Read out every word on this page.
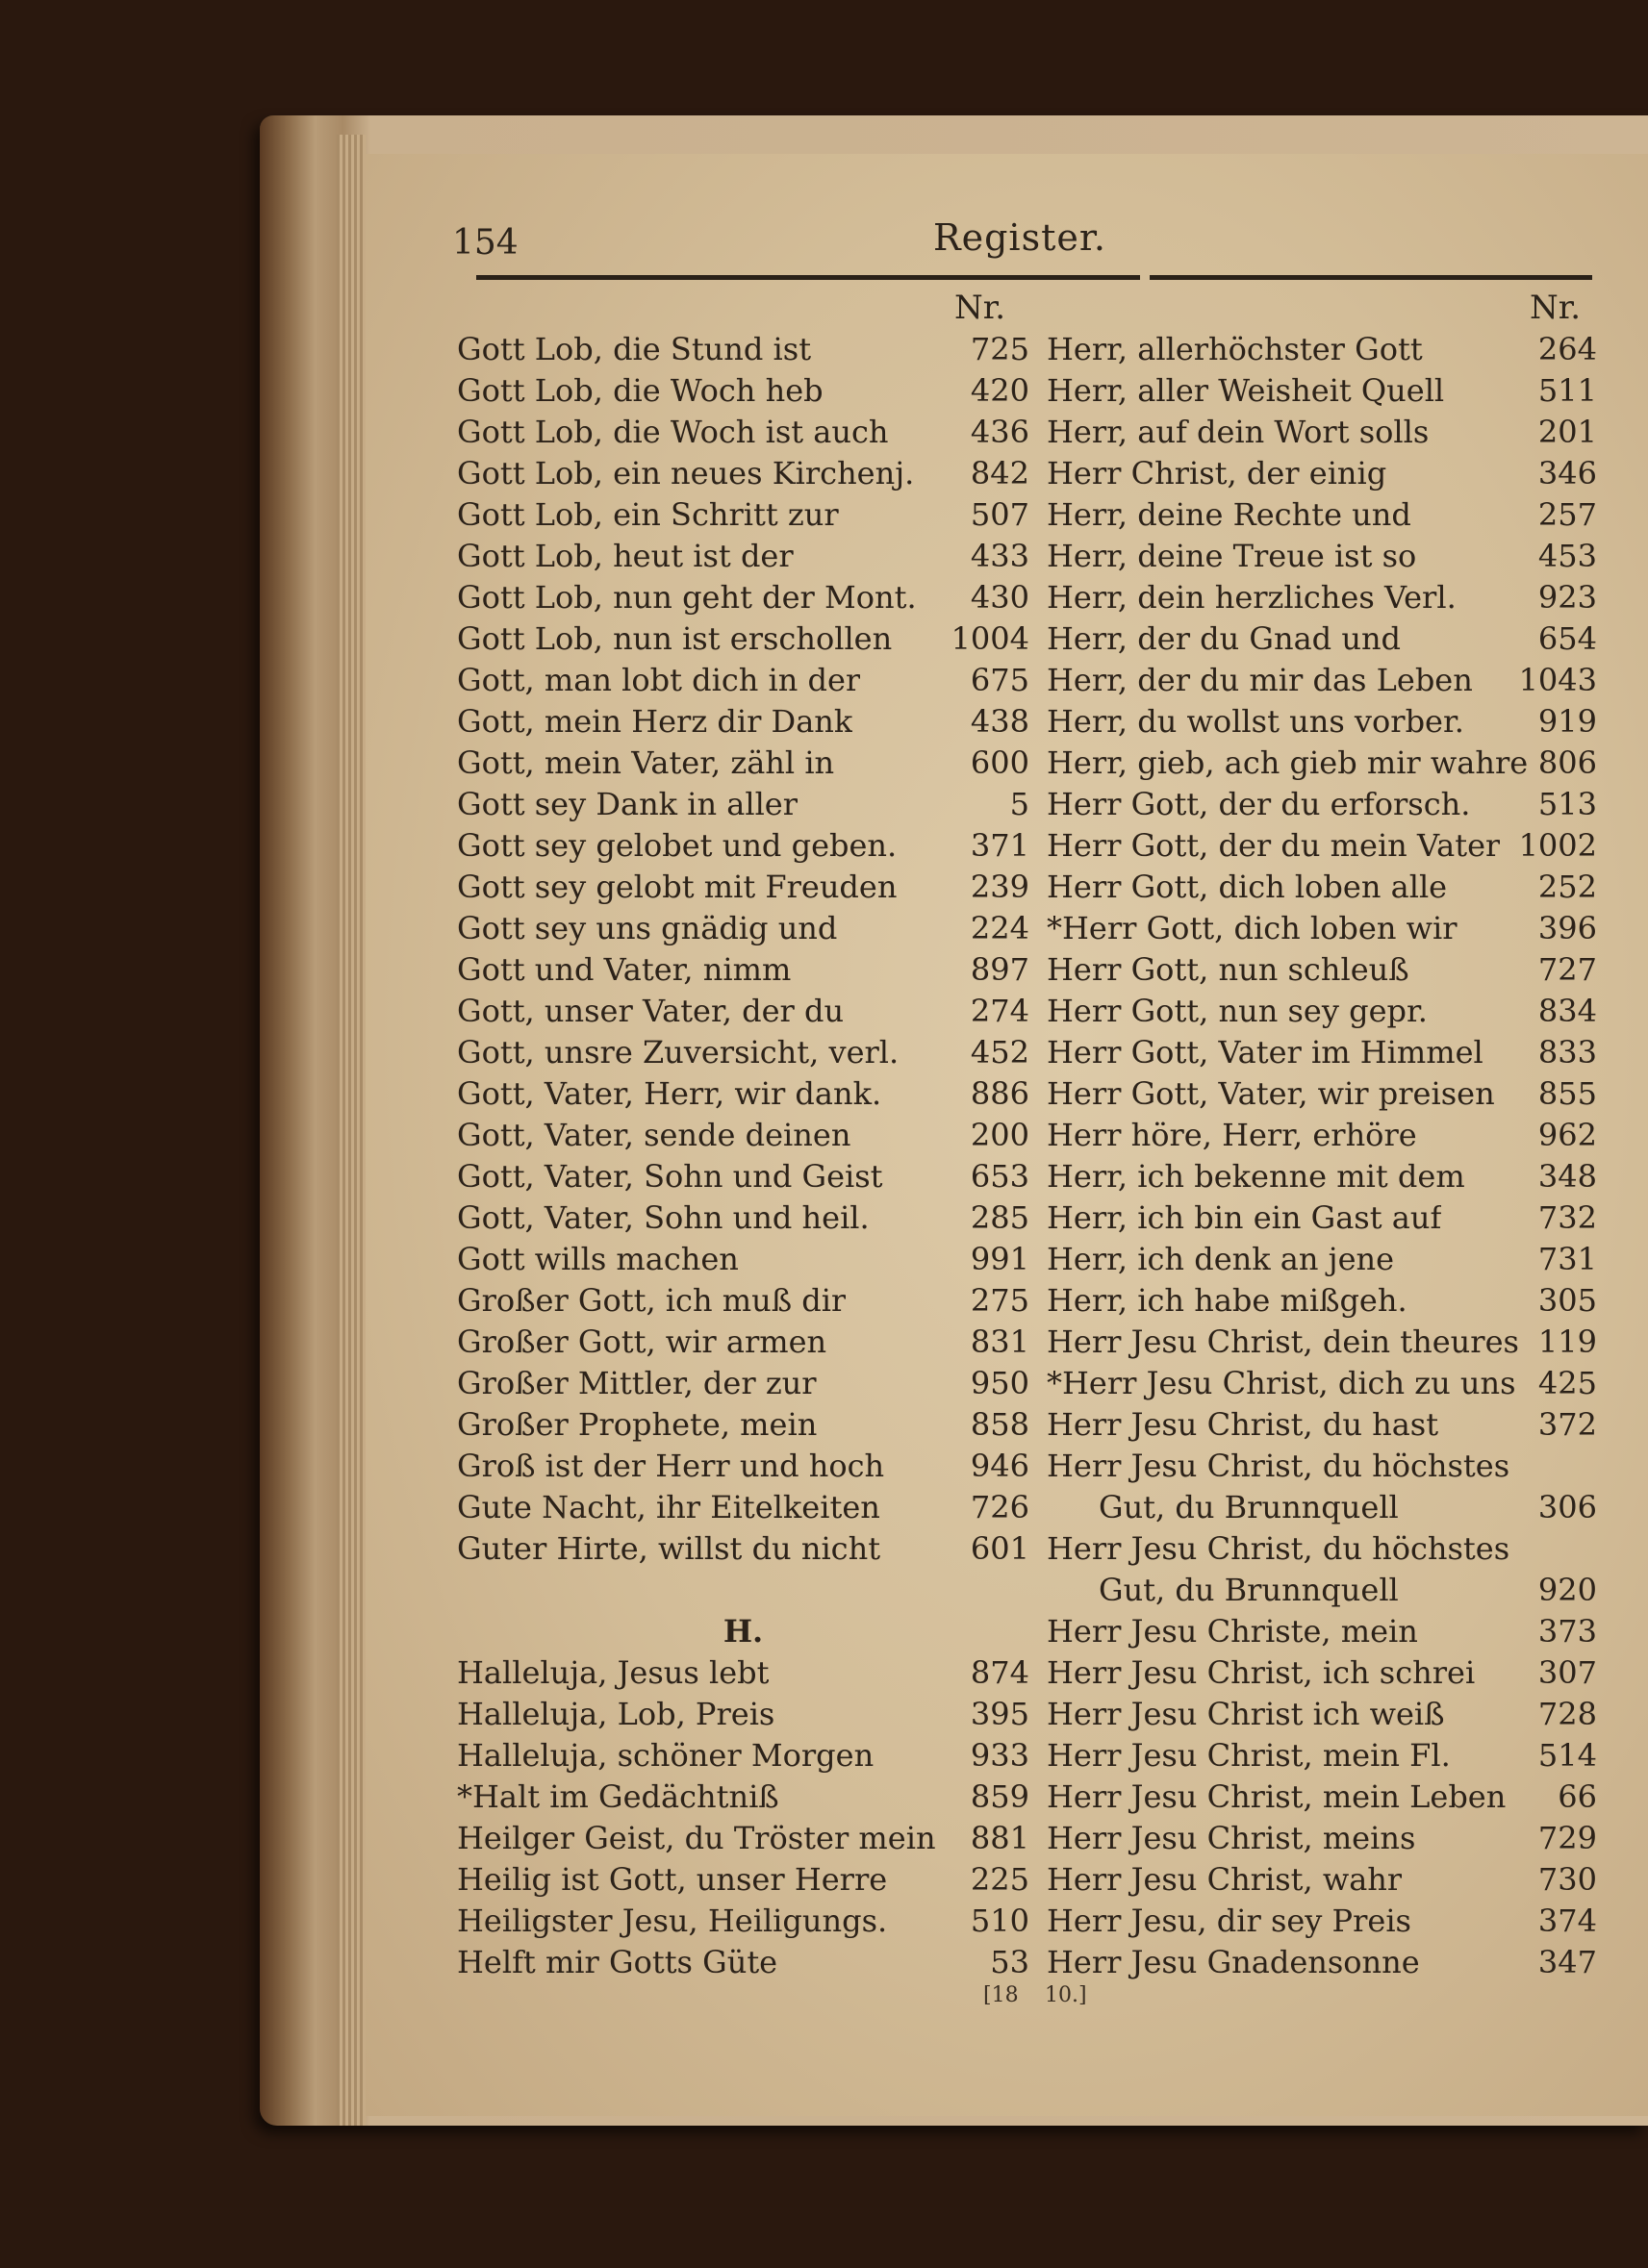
154	Register.
Nr.	Nr.
Gott Lob, die Stund ist	725
Gott Lob, die Woch heb	420
Gott Lob, die Woch ist auch	436
Gott Lob, ein neues Kirchenj. 842
Gott Lob, ein Schritt zur	507
Gott Lob, heut ist der	433
Gott Lob, nun geht der Mont. 430
Gott Lob, nun ist erschollen 1004
Gott, man lobt dich in der	675
Gott, mein Herz dir Dank	438
Gott, mein Vater, zähl in	600
Gott sey Dank in aller	5
Gott sey gelobet und geben. 371
Gott sey gelobt mit Freuden 239
Gott sey uns gnädig und	224
Gott und Vater, nimm	897
Gott, unser Vater, der du	274
Gott, unsre Zuversicht, verl. 452
Gott, Vater, Herr, wir dank.	886
Gott, Vater, sende deinen	200
Gott, Vater, Sohn und Geist	653
Gott, Vater, Sohn und heil.	285
Gott wills machen	991
Großer Gott, ich muß dir	275
Großer Gott, wir armen	831
Großer Mittler, der zur	950
Großer Prophete, mein	858
Groß ist der Herr und hoch	946
Gute Nacht, ihr Eitelkeiten	726
Guter Hirte, willst du nicht	601
H.
Halleluja, Jesus lebt	874
Halleluja, Lob, Preis	395
Halleluja, schöner Morgen	933
*Halt im Gedächtniß	859
Heilger Geist, du Tröster mein 881
Heilig ist Gott, unser Herre	225
Heiligster Jesu, Heiligungs.	510
Helft mir Gotts Güte	53
Herr, allerhöchster Gott	264
Herr, aller Weisheit Quell	511
Herr, auf dein Wort solls	201
Herr Christ, der einig	346
Herr, deine Rechte und	257
Herr, deine Treue ist so	453
Herr, dein herzliches Verl.	923
Herr, der du Gnad und	654
Herr, der du mir das Leben 1043
Herr, du wollst uns vorber. 919
Herr, gieb, ach gieb mir wahre 806
Herr Gott, der du erforsch. 513
Herr Gott, der du mein Vater 1002
Herr Gott, dich loben alle	252
*Herr Gott, dich loben wir	396
Herr Gott, nun schleuß	727
Herr Gott, nun sey gepr.	834
Herr Gott, Vater im Himmel 833
Herr Gott, Vater, wir preisen 855
Herr höre, Herr, erhöre	962
Herr, ich bekenne mit dem 348
Herr, ich bin ein Gast auf	732
Herr, ich denk an jene	731
Herr, ich habe mißgeh.	305
Herr Jesu Christ, dein theures 119
*Herr Jesu Christ, dich zu uns 425
Herr Jesu Christ, du hast	372
Herr Jesu Christ, du höchstes
Gut, du Brunnquell	306
Herr Jesu Christ, du höchstes
Gut, du Brunnquell	920
Herr Jesu Christe, mein	373
Herr Jesu Christ, ich schrei 307
Herr Jesu Christ ich weiß	728
Herr Jesu Christ, mein Fl.	514
Herr Jesu Christ, mein Leben 66
Herr Jesu Christ, meins	729
Herr Jesu Christ, wahr	730
Herr Jesu, dir sey Preis	374
Herr Jesu Gnadensonne	347
[18 10.]
